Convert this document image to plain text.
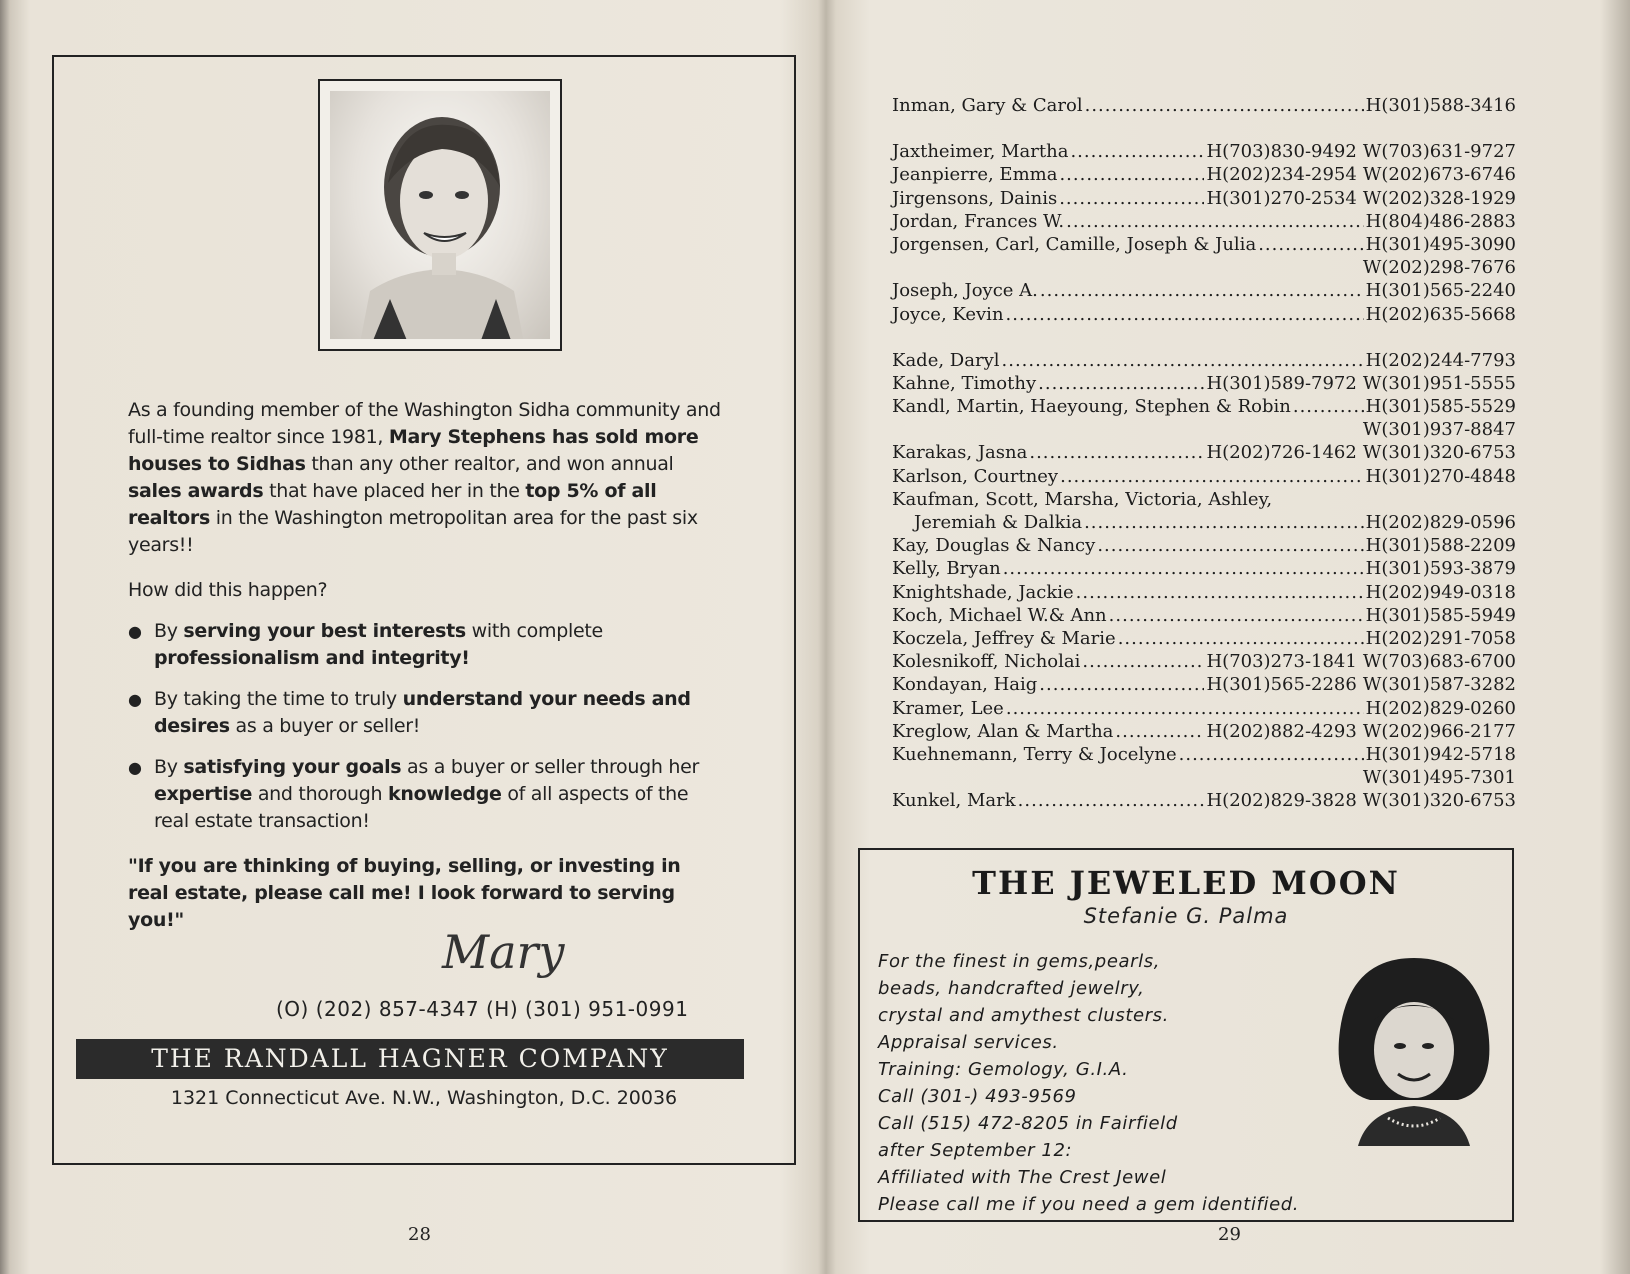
As a founding member of the Washington Sidha community and full-time realtor since 1981, Mary Stephens has sold more houses to Sidhas than any other realtor, and won annual sales awards that have placed her in the top 5% of all realtors in the Washington metropolitan area for the past six years!!

How did this happen?

● By serving your best interests with complete professionalism and integrity!

● By taking the time to truly understand your needs and desires as a buyer or seller!

● By satisfying your goals as a buyer or seller through her expertise and thorough knowledge of all aspects of the real estate transaction!

"If you are thinking of buying, selling, or investing in real estate, please call me! I look forward to serving you!"

Mary
(O) (202) 857-4347 (H) (301) 951-0991
THE RANDALL HAGNER COMPANY
1321 Connecticut Ave. N.W., Washington, D.C. 20036
28
Inman, Gary & Carol .....	H(301)588-3416
Jaxtheimer, Martha .....	H(703)830-9492 W(703)631-9727
Jeanpierre, Emma .....	H(202)234-2954 W(202)673-6746
Jirgensons, Dainis .....	H(301)270-2534 W(202)328-1929
Jordan, Frances W. .....	H(804)486-2883
Jorgensen, Carl, Camille, Joseph & Julia .....	H(301)495-3090
W(202)298-7676
Joseph, Joyce A. .....	H(301)565-2240
Joyce, Kevin .....	H(202)635-5668
Kade, Daryl .....	H(202)244-7793
Kahne, Timothy .....	H(301)589-7972 W(301)951-5555
Kandl, Martin, Haeyoung, Stephen & Robin .....	H(301)585-5529
W(301)937-8847
Karakas, Jasna .....	H(202)726-1462 W(301)320-6753
Karlson, Courtney .....	H(301)270-4848
Kaufman, Scott, Marsha, Victoria, Ashley,
Jeremiah & Dalkia .....	H(202)829-0596
Kay, Douglas & Nancy .....	H(301)588-2209
Kelly, Bryan .....	H(301)593-3879
Knightshade, Jackie .....	H(202)949-0318
Koch, Michael W.& Ann .....	H(301)585-5949
Koczela, Jeffrey & Marie .....	H(202)291-7058
Kolesnikoff, Nicholai .....	H(703)273-1841 W(703)683-6700
Kondayan, Haig .....	H(301)565-2286 W(301)587-3282
Kramer, Lee .....	H(202)829-0260
Kreglow, Alan & Martha .....	H(202)882-4293 W(202)966-2177
Kuehnemann, Terry & Jocelyne .....	H(301)942-5718
W(301)495-7301
Kunkel, Mark .....	H(202)829-3828 W(301)320-6753
THE JEWELED MOON
Stefanie G. Palma
For the finest in gems,pearls,
beads, handcrafted jewelry,
crystal and amythest clusters.
Appraisal services.
Training: Gemology, G.I.A.
Call (301-) 493-9569
Call (515) 472-8205 in Fairfield
after September 12:
Affiliated with The Crest Jewel
Please call me if you need a gem identified.
29
